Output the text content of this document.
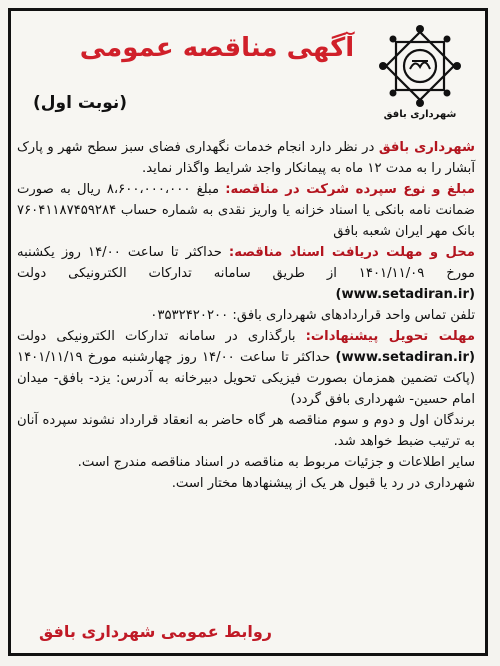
شهرداری بافق
آگهی مناقصه عمومی
(نوبت اول)

شهرداری بافق در نظر دارد انجام خدمات نگهداری فضای سبز سطح شهر و پارک آبشار را به مدت ۱۲ ماه به پیمانکار واجد شرایط واگذار نماید.

مبلغ و نوع سپرده شرکت در مناقصه: مبلغ ۸،۶۰۰،۰۰۰،۰۰۰ ریال به صورت ضمانت نامه بانکی یا اسناد خزانه یا واریز نقدی به شماره حساب ۷۶۰۴۱۱۸۷۴۵۹۲۸۴ بانک مهر ایران شعبه بافق

محل و مهلت دریافت اسناد مناقصه: حداکثر تا ساعت ۱۴/۰۰ روز یکشنبه مورخ ۱۴۰۱/۱۱/۰۹ از طریق سامانه تدارکات الکترونیکی دولت (www.setadiran.ir)

تلفن تماس واحد قراردادهای شهرداری بافق: ۰۳۵۳۲۴۲۰۲۰۰

مهلت تحویل پیشنهادات: بارگذاری در سامانه تدارکات الکترونیکی دولت (www.setadiran.ir) حداکثر تا ساعت ۱۴/۰۰ روز چهارشنبه مورخ ۱۴۰۱/۱۱/۱۹ (پاکت تضمین همزمان بصورت فیزیکی تحویل دبیرخانه به آدرس: یزد- بافق- میدان امام حسین- شهرداری بافق گردد)

برندگان اول و دوم و سوم مناقصه هر گاه حاضر به انعقاد قرارداد نشوند سپرده آنان به ترتیب ضبط خواهد شد.

سایر اطلاعات و جزئیات مربوط به مناقصه در اسناد مناقصه مندرج است.

شهرداری در رد یا قبول هر یک از پیشنهادها مختار است.

روابط عمومی شهرداری بافق
